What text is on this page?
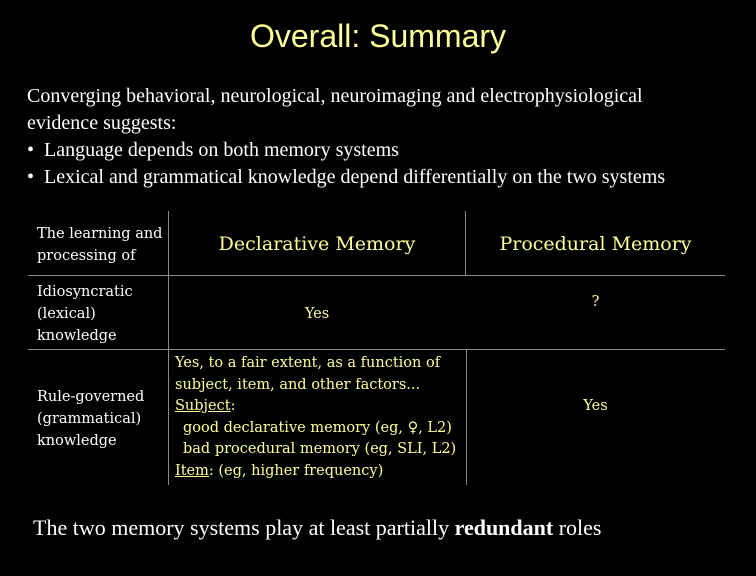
Overall: Summary
Converging behavioral, neurological, neuroimaging and electrophysiological
evidence suggests:
• Language depends on both memory systems
• Lexical and grammatical knowledge depend differentially on the two systems
The learning and
processing of
Declarative Memory	Procedural Memory
Idiosyncratic
(lexical)
knowledge
Yes
?
Rule-governed
(grammatical)
knowledge
Yes, to a fair extent, as a function of
subject, item, and other factors...
Subject:
good declarative memory (eg, ♀, L2)
bad procedural memory (eg, SLI, L2)
Item: (eg, higher frequency)
Yes
The two memory systems play at least partially redundant roles
